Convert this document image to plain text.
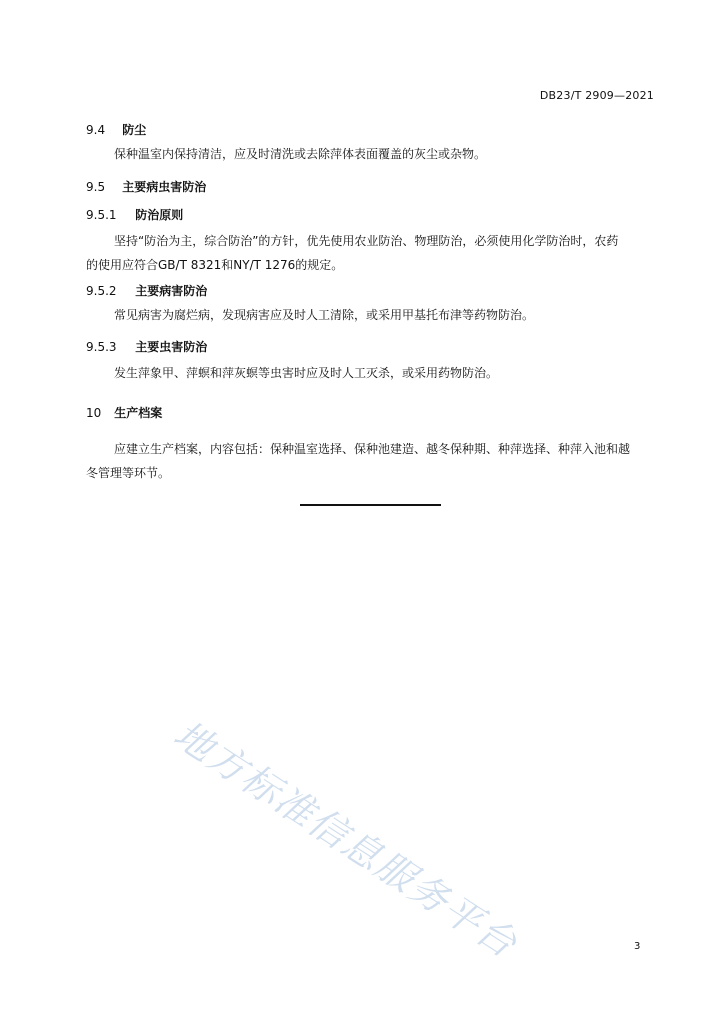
DB23/T 2909—2021
9.4 防尘
保种温室内保持清洁，应及时清洗或去除萍体表面覆盖的灰尘或杂物。
9.5 主要病虫害防治
9.5.1 防治原则
坚持“防治为主，综合防治”的方针，优先使用农业防治、物理防治，必须使用化学防治时，农药
的使用应符合GB/T 8321和NY/T 1276的规定。
9.5.2 主要病害防治
常见病害为腐烂病，发现病害应及时人工清除，或采用甲基托布津等药物防治。
9.5.3 主要虫害防治
发生萍象甲、萍螟和萍灰螟等虫害时应及时人工灭杀，或采用药物防治。
10 生产档案
应建立生产档案，内容包括：保种温室选择、保种池建造、越冬保种期、种萍选择、种萍入池和越
冬管理等环节。
地方标准信息服务平台	3
